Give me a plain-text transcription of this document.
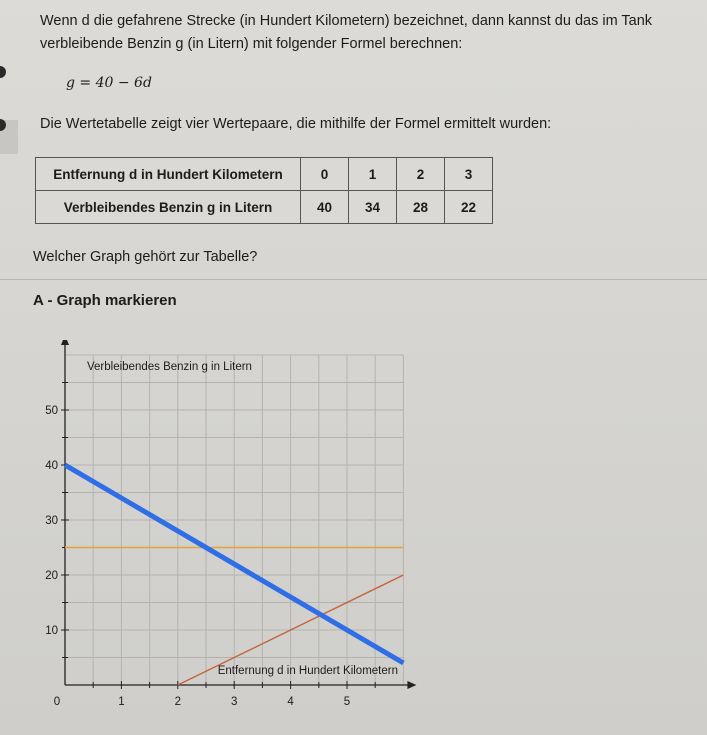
Wenn d die gefahrene Strecke (in Hundert Kilometern) bezeichnet, dann kannst du das im Tank
verbleibende Benzin g (in Litern) mit folgender Formel berechnen:
g = 40 − 6d
Die Wertetabelle zeigt vier Wertepaare, die mithilfe der Formel ermittelt wurden:
Entfernung d in Hundert Kilometern	0	1	2	3
Verbleibendes Benzin g in Litern	40	34	28	22
Welcher Graph gehört zur Tabelle?
A - Graph markieren
0	1	2	3	4	5
10
20
30
40
50
Verbleibendes Benzin g in Litern
Entfernung d in Hundert Kilometern
